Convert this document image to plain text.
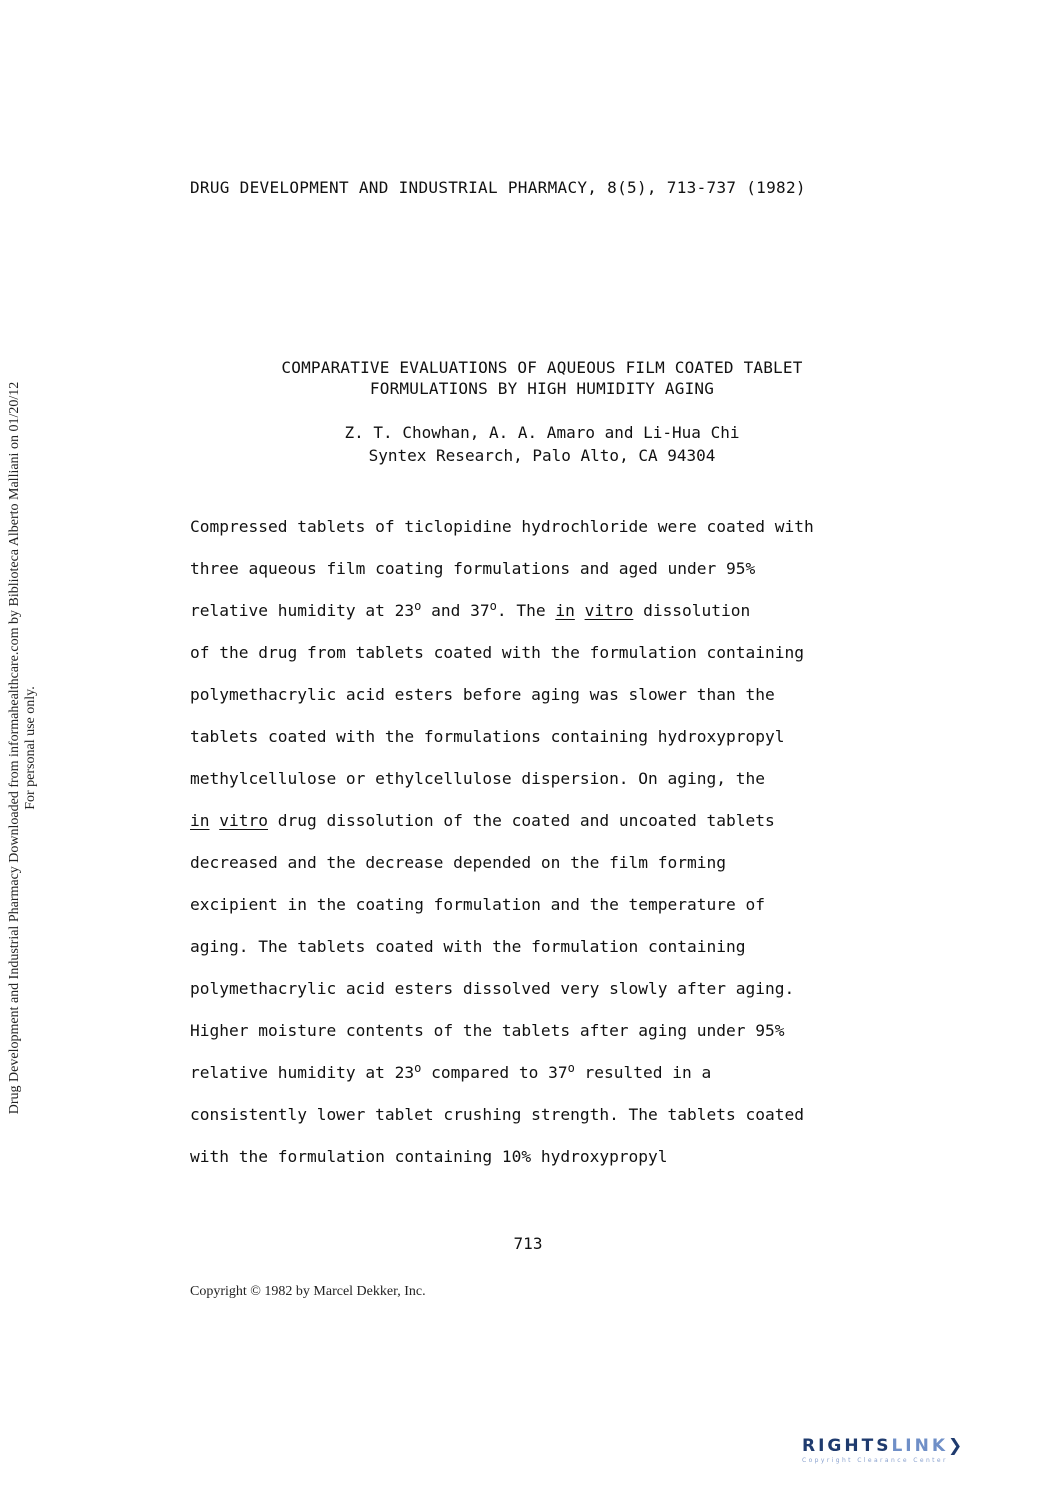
DRUG DEVELOPMENT AND INDUSTRIAL PHARMACY, 8(5), 713-737 (1982)
Drug Development and Industrial Pharmacy Downloaded from informahealthcare.com by Biblioteca Alberto Malliani on 01/20/12 For personal use only.
COMPARATIVE EVALUATIONS OF AQUEOUS FILM COATED TABLET
FORMULATIONS BY HIGH HUMIDITY AGING
Z. T. Chowhan, A. A. Amaro and Li-Hua Chi
Syntex Research, Palo Alto, CA 94304
Compressed tablets of ticlopidine hydrochloride were coated with
three aqueous film coating formulations and aged under 95%
relative humidity at 23$^o$ and 37$^o$. The in vitro dissolution
of the drug from tablets coated with the formulation containing
polymethacrylic acid esters before aging was slower than the
tablets coated with the formulations containing hydroxypropyl
methylcellulose or ethylcellulose dispersion. On aging, the
in vitro drug dissolution of the coated and uncoated tablets
decreased and the decrease depended on the film forming
excipient in the coating formulation and the temperature of
aging. The tablets coated with the formulation containing
polymethacrylic acid esters dissolved very slowly after aging.
Higher moisture contents of the tablets after aging under 95%
relative humidity at 23$^o$ compared to 37$^o$ resulted in a
consistently lower tablet crushing strength. The tablets coated
with the formulation containing 10% hydroxypropyl
713
Copyright © 1982 by Marcel Dekker, Inc.
RIGHTSLINK❯
Copyright Clearance Center
